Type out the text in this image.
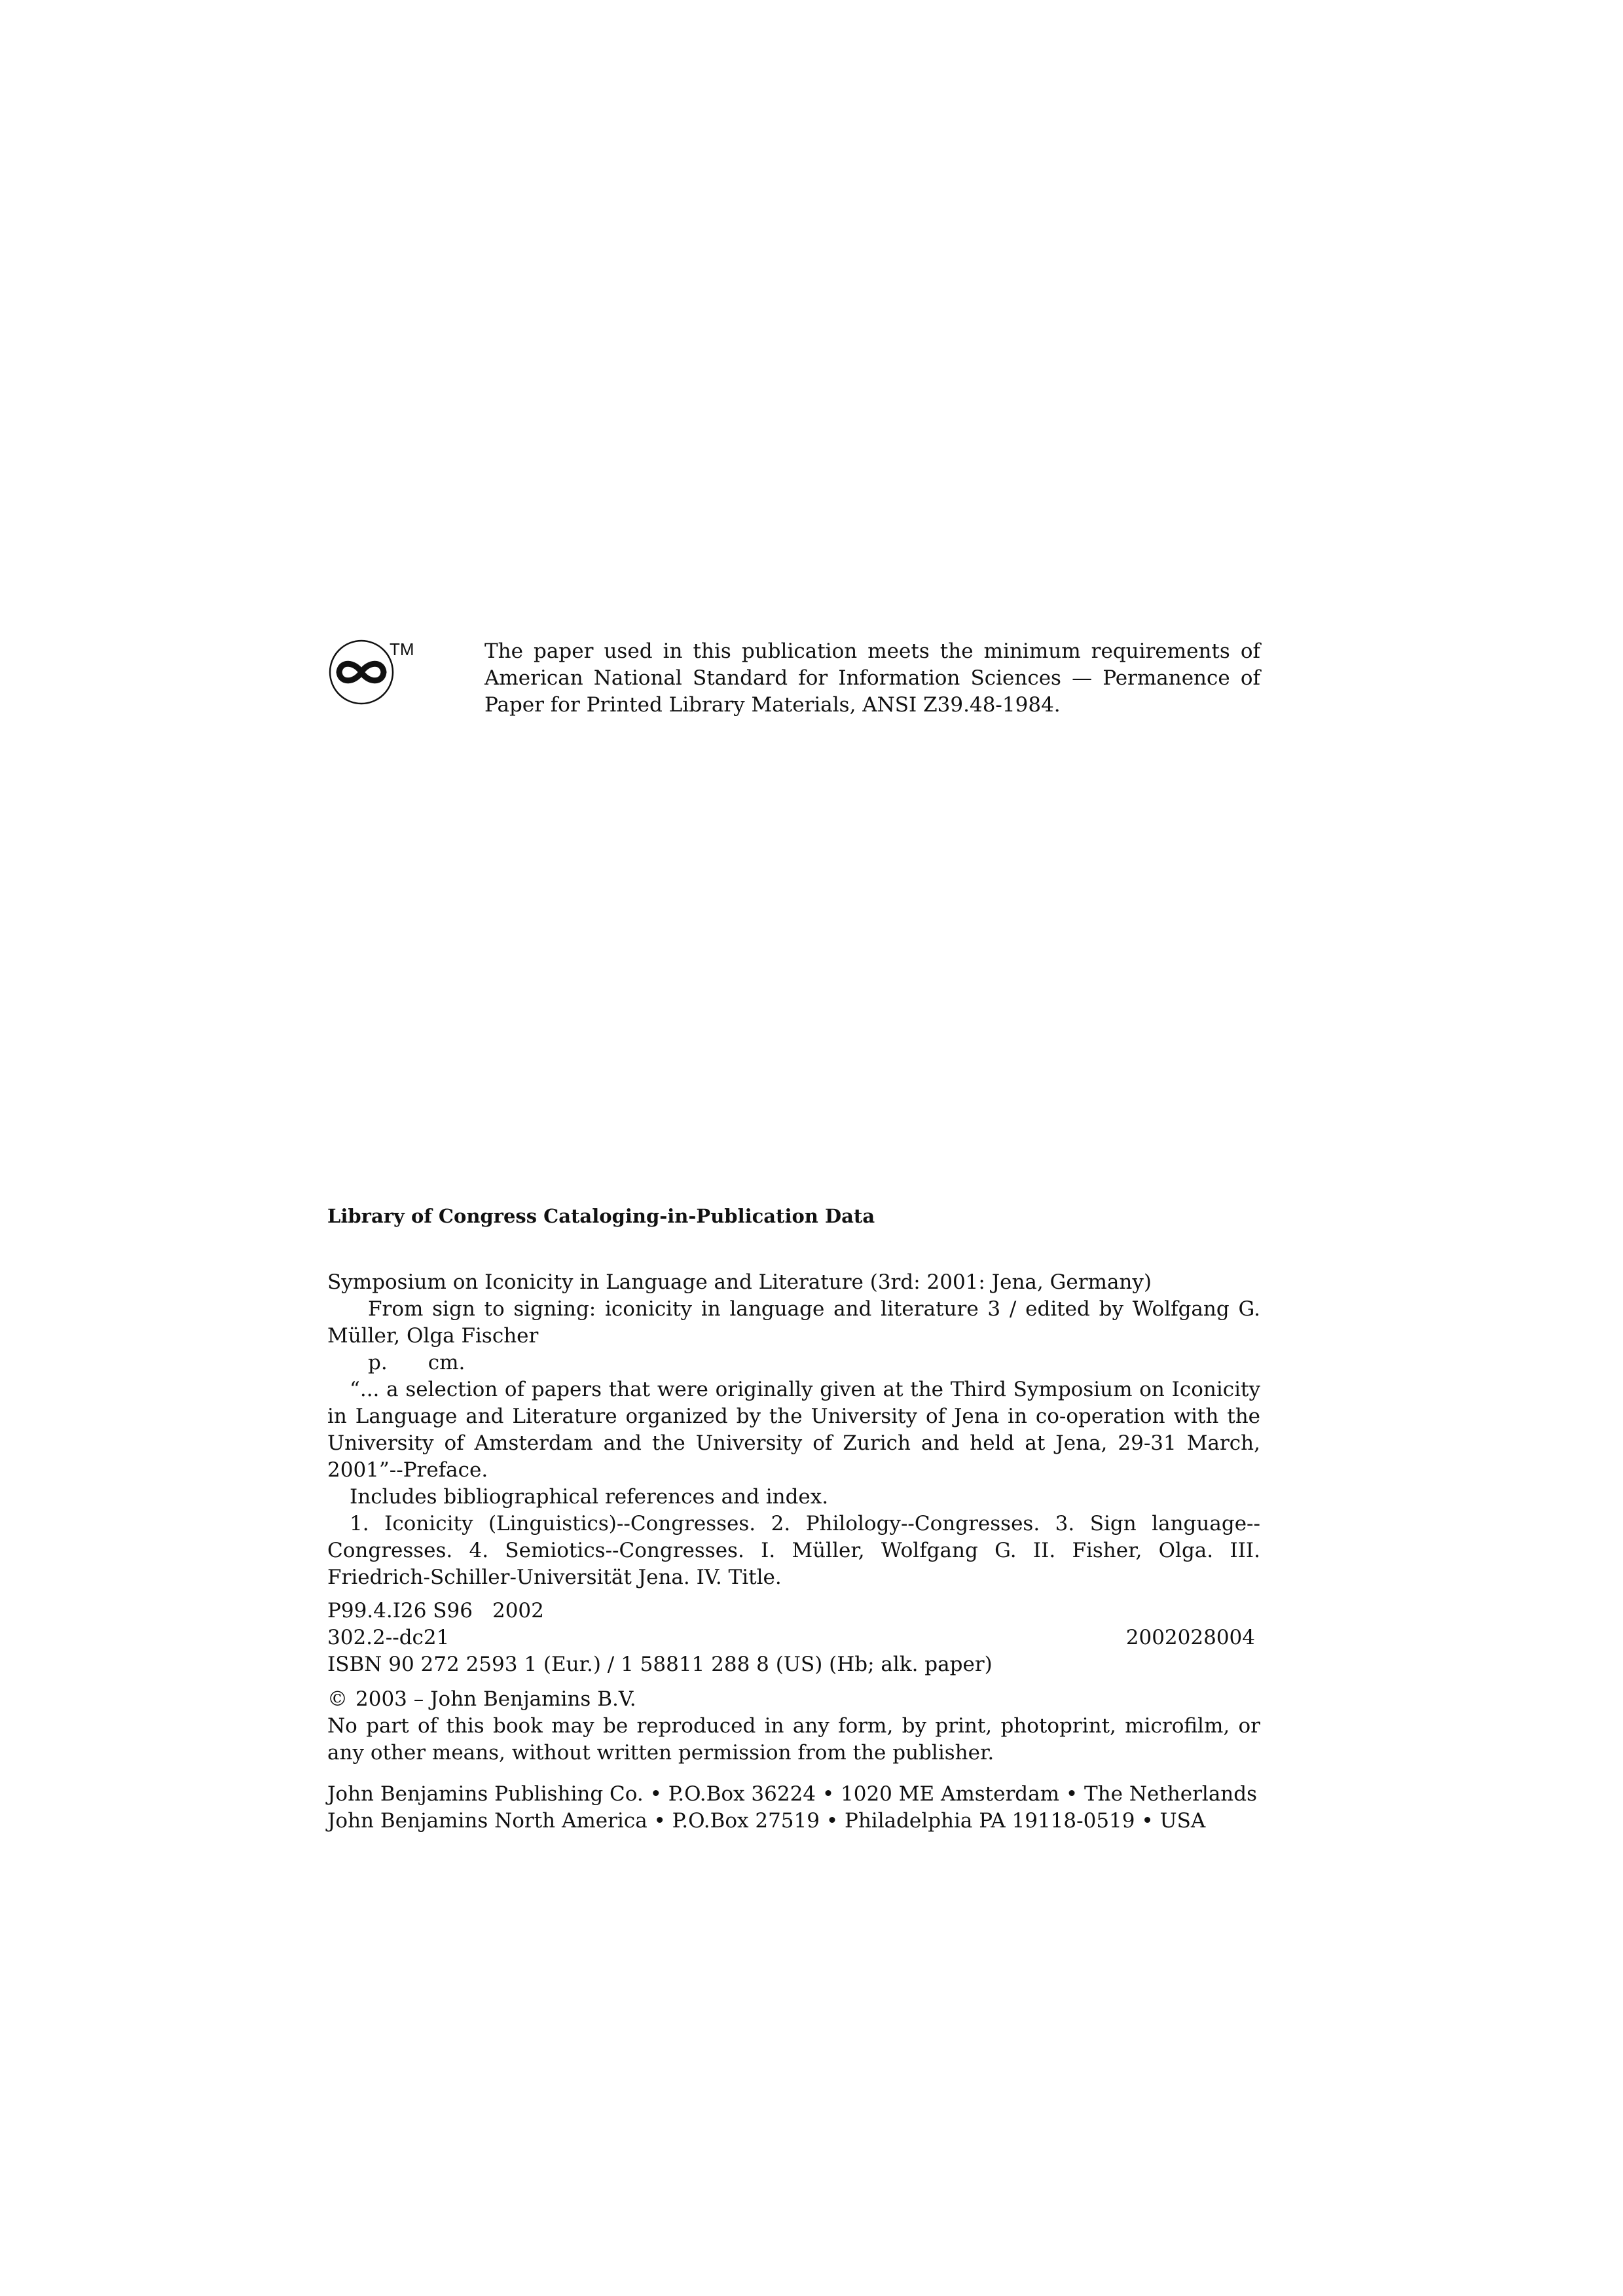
TM	The paper used in this publication meets the minimum requirements of American National Standard for Information Sciences — Permanence of Paper for Printed Library Materials, ANSI Z39.48-1984.

Library of Congress Cataloging-in-Publication Data
Symposium on Iconicity in Language and Literature (3rd: 2001: Jena, Germany)
From sign to signing: iconicity in language and literature 3 / edited by Wolfgang G. Müller, Olga Fischer
p. cm.
“... a selection of papers that were originally given at the Third Symposium on Iconicity in Language and Literature organized by the University of Jena in co-operation with the University of Amsterdam and the University of Zurich and held at Jena, 29-31 March, 2001”--Preface.
Includes bibliographical references and index.
1. Iconicity (Linguistics)--Congresses. 2. Philology--Congresses. 3. Sign language--Congresses. 4. Semiotics--Congresses. I. Müller, Wolfgang G. II. Fisher, Olga. III. Friedrich-Schiller-Universität Jena. IV. Title.
P99.4.I26 S96 2002
302.2--dc21	2002028004
ISBN 90 272 2593 1 (Eur.) / 1 58811 288 8 (US) (Hb; alk. paper)
© 2003 – John Benjamins B.V.
No part of this book may be reproduced in any form, by print, photoprint, microfilm, or any other means, without written permission from the publisher.
John Benjamins Publishing Co. • P.O.Box 36224 • 1020 ME Amsterdam • The Netherlands
John Benjamins North America • P.O.Box 27519 • Philadelphia PA 19118-0519 • USA
